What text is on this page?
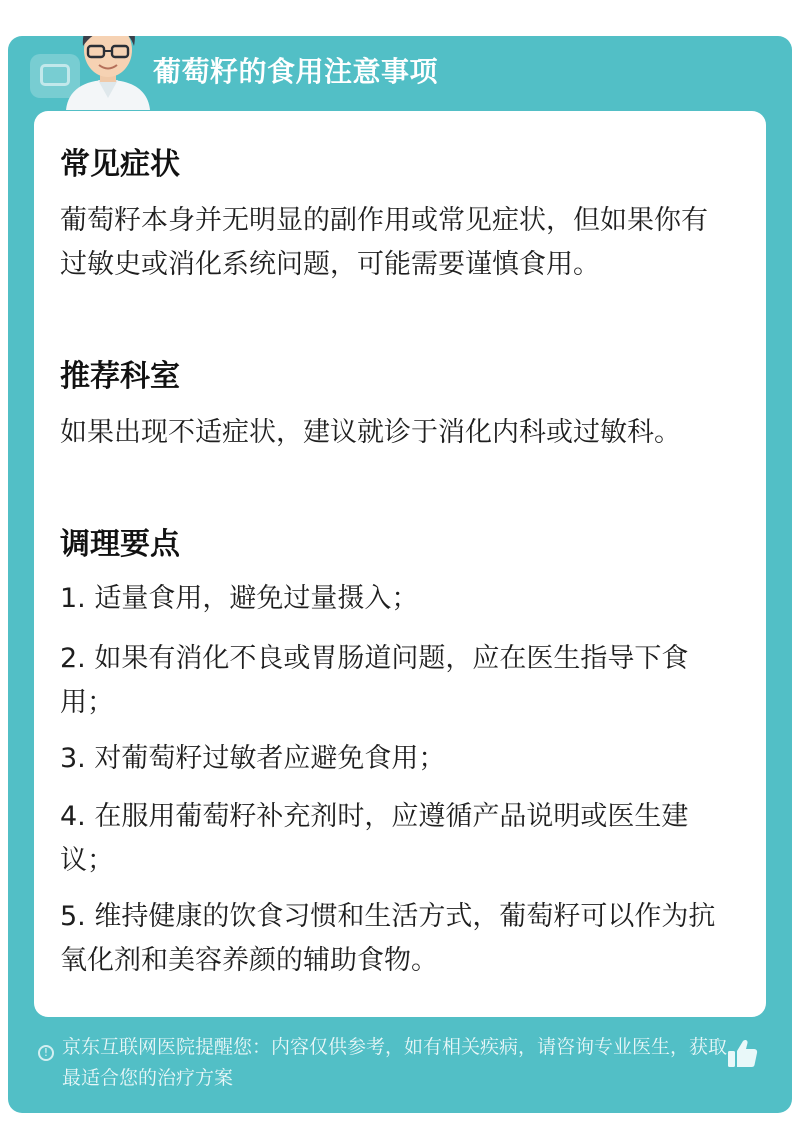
葡萄籽的食用注意事项
常见症状
葡萄籽本身并无明显的副作用或常见症状，但如果你有过敏史或消化系统问题，可能需要谨慎食用。
推荐科室
如果出现不适症状，建议就诊于消化内科或过敏科。
调理要点
1. 适量食用，避免过量摄入；
2. 如果有消化不良或胃肠道问题，应在医生指导下食用；
3. 对葡萄籽过敏者应避免食用；
4. 在服用葡萄籽补充剂时，应遵循产品说明或医生建议；
5. 维持健康的饮食习惯和生活方式，葡萄籽可以作为抗氧化剂和美容养颜的辅助食物。
! 京东互联网医院提醒您：内容仅供参考，如有相关疾病，请咨询专业医生，获取最适合您的治疗方案
